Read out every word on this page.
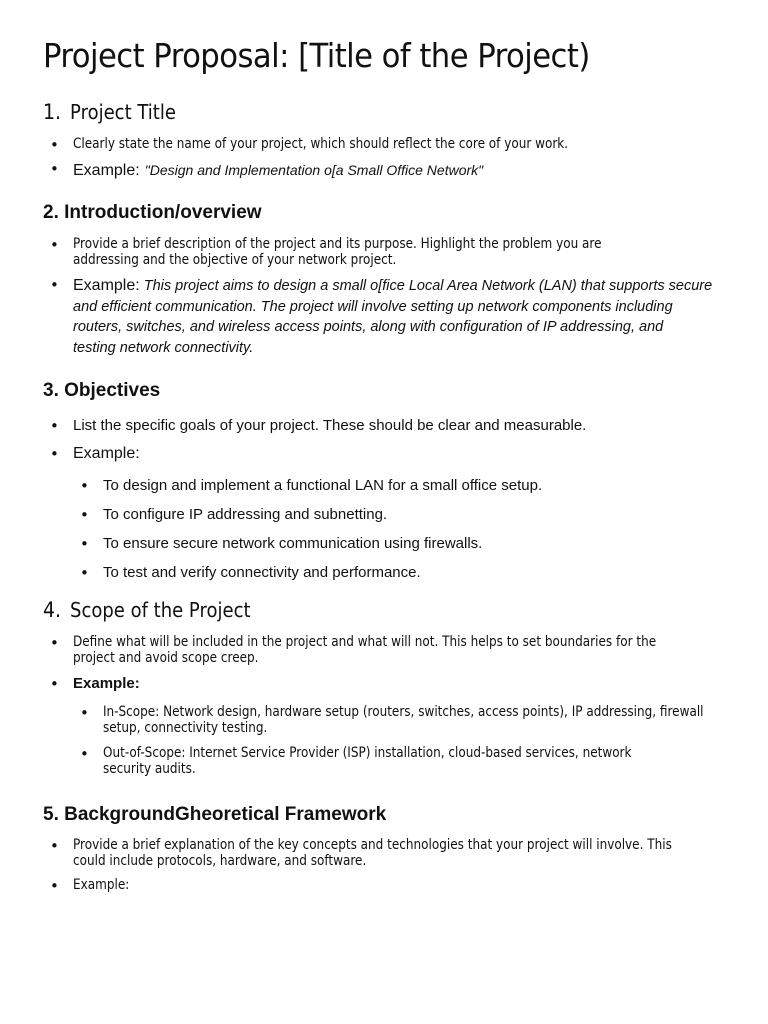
Project Proposal: [Title of the Project)
1. Project Title
• Clearly state the name of your project, which should reflect the core of your work.
• Example: "Design and Implementation o[a Small Office Network"
2. Introduction/overview
• Provide a brief description of the project and its purpose. Highlight the problem you are
addressing and the objective of your network project.
• Example: This project aims to design a small o[fice Local Area Network (LAN) that supports secure
and efficient communication. The project will involve setting up network components including
routers, switches, and wireless access points, along with configuration of IP addressing, and
testing network connectivity.
3. Objectives
• List the specific goals of your project. These should be clear and measurable.
• Example:
• To design and implement a functional LAN for a small office setup.
• To configure IP addressing and subnetting.
• To ensure secure network communication using firewalls.
• To test and verify connectivity and performance.
4. Scope of the Project
• Define what will be included in the project and what will not. This helps to set boundaries for the
project and avoid scope creep.
• Example:
• In-Scope: Network design, hardware setup (routers, switches, access points), IP addressing, firewall
setup, connectivity testing.
• Out-of-Scope: Internet Service Provider (ISP) installation, cloud-based services, network
security audits.
5. BackgroundGheoretical Framework
• Provide a brief explanation of the key concepts and technologies that your project will involve. This
could include protocols, hardware, and software.
• Example:
